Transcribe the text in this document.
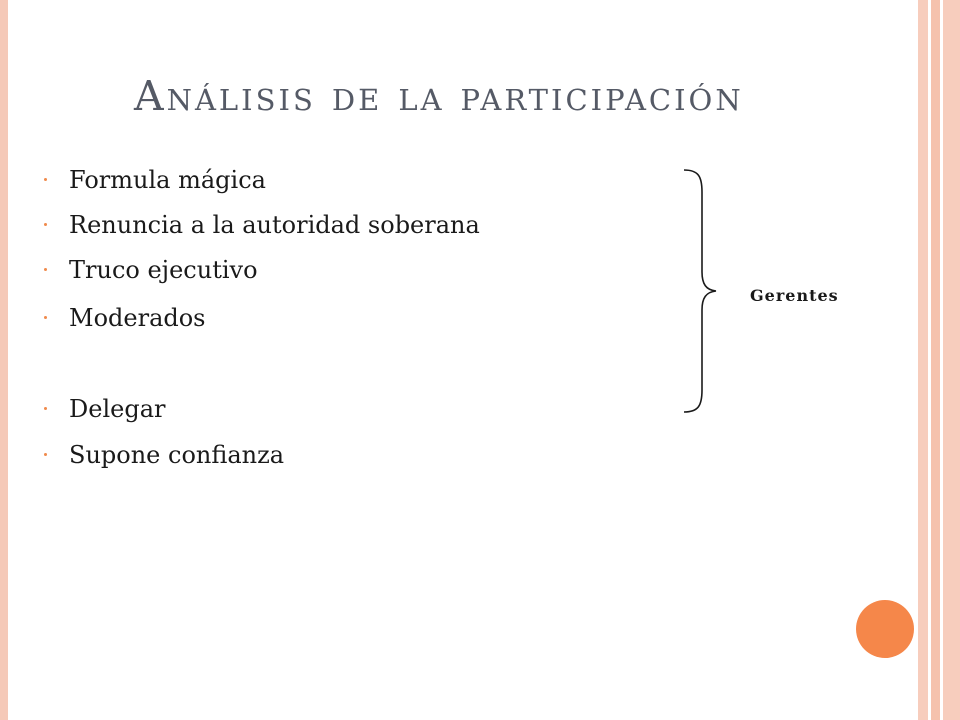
Análisis de la participación
Formula mágica
Renuncia a la autoridad soberana
Truco ejecutivo
Moderados
Delegar
Supone confianza
Gerentes
